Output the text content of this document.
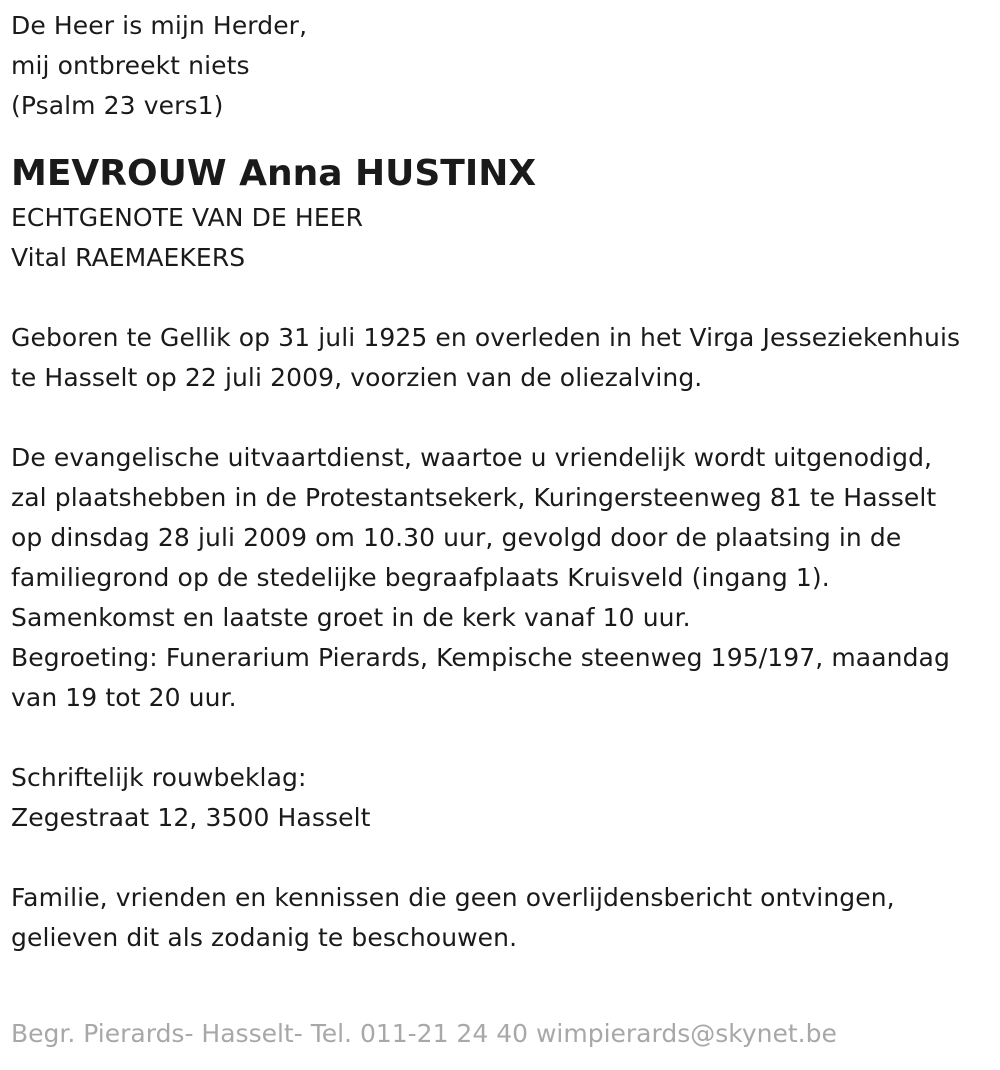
De Heer is mijn Herder,
mij ontbreekt niets
(Psalm 23 vers1)
MEVROUW Anna HUSTINX
ECHTGENOTE VAN DE HEER
Vital RAEMAEKERS
Geboren te Gellik op 31 juli 1925 en overleden in het Virga Jesseziekenhuis
te Hasselt op 22 juli 2009, voorzien van de oliezalving.
De evangelische uitvaartdienst, waartoe u vriendelijk wordt uitgenodigd,
zal plaatshebben in de Protestantsekerk, Kuringersteenweg 81 te Hasselt
op dinsdag 28 juli 2009 om 10.30 uur, gevolgd door de plaatsing in de
familiegrond op de stedelijke begraafplaats Kruisveld (ingang 1).
Samenkomst en laatste groet in de kerk vanaf 10 uur.
Begroeting: Funerarium Pierards, Kempische steenweg 195/197, maandag
van 19 tot 20 uur.
Schriftelijk rouwbeklag:
Zegestraat 12, 3500 Hasselt
Familie, vrienden en kennissen die geen overlijdensbericht ontvingen,
gelieven dit als zodanig te beschouwen.
Begr. Pierards- Hasselt- Tel. 011-21 24 40 wimpierards@skynet.be
